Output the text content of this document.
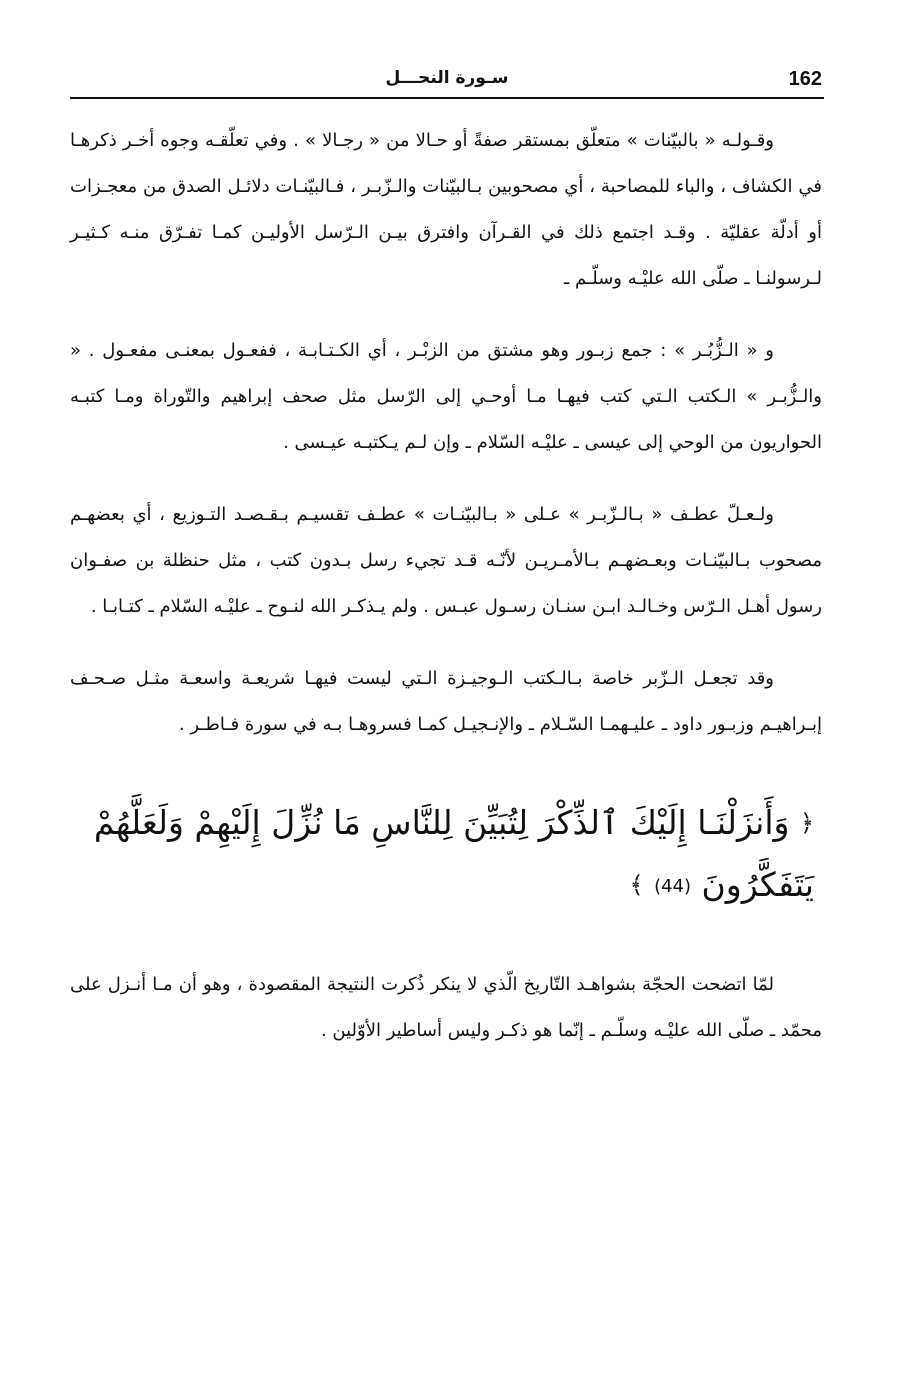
162
سـورة النحـــل

وقـولـه « بالبيّنات » متعلّق بمستقر صفةً أو حـالا من « رجـالا » . وفي تعلّقـه وجوه أخـر ذكرهـا في الكشاف ، والباء للمصاحبة ، أي مصحوبين بـالبيّنات والـزّبـر ، فـالبيّنـات دلائـل الصدق من معجـزات أو أدلّة عقليّة . وقـد اجتمع ذلك في القـرآن وافترق بيـن الـرّسل الأوليـن كمـا تفـرّق منـه كـثيـر لـرسولنـا ـ صلّى الله عليْـه وسلّـم ـ

و « الـزُّبُـر » : جمع زبـور وهو مشتق من الزبْـر ، أي الكـتـابـة ، ففعـول بمعنـى مفعـول . « والـزُّبـر » الـكتب الـتي كتب فيهـا مـا أوحـي إلى الرّسل مثل صحف إبراهيم والتّوراة ومـا كتبـه الحواريون من الوحي إلى عيسى ـ عليْـه السّلام ـ وإن لـم يـكتبـه عيـسى .

ولـعـلّ عطـف « بـالـزّبـر » عـلى « بـالبيّنـات » عطـف تقسيـم بـقـصـد التـوزيع ، أي بعضهـم مصحوب بـالبيّنـات وبعـضهـم بـالأمـريـن لأنّـه قـد تجيء رسل بـدون كتب ، مثل حنظلة بن صفـوان رسول أهـل الـرّس وخـالـد ابـن سنـان رسـول عبـس . ولم يـذكـر الله لنـوح ـ عليْـه السّلام ـ كتـابـا .

وقد تجعـل الـزّبر خاصة بـالـكتب الـوجيـزة الـتي ليست فيهـا شريعـة واسعـة مثـل صـحـف إبـراهيـم وزبـور داود ـ عليـهمـا السّـلام ـ والإنـجيـل كمـا فسروهـا بـه في سورة فـاطـر .

﴿ وَأَنزَلْنَـا إِلَيْكَ ٱلذِّكْرَ لِتُبَيِّنَ لِلنَّاسِ مَا نُزِّلَ إِلَيْهِمْ وَلَعَلَّهُمْ يَتَفَكَّرُونَ (44) ﴾

لمّا اتضحت الحجّة بشواهـد التّاريخ الّذي لا ينكر ذُكرت النتيجة المقصودة ، وهو أن مـا أنـزل على محمّد ـ صلّى الله عليْـه وسلّـم ـ إنّما هو ذكـر وليس أساطير الأوّلين .
